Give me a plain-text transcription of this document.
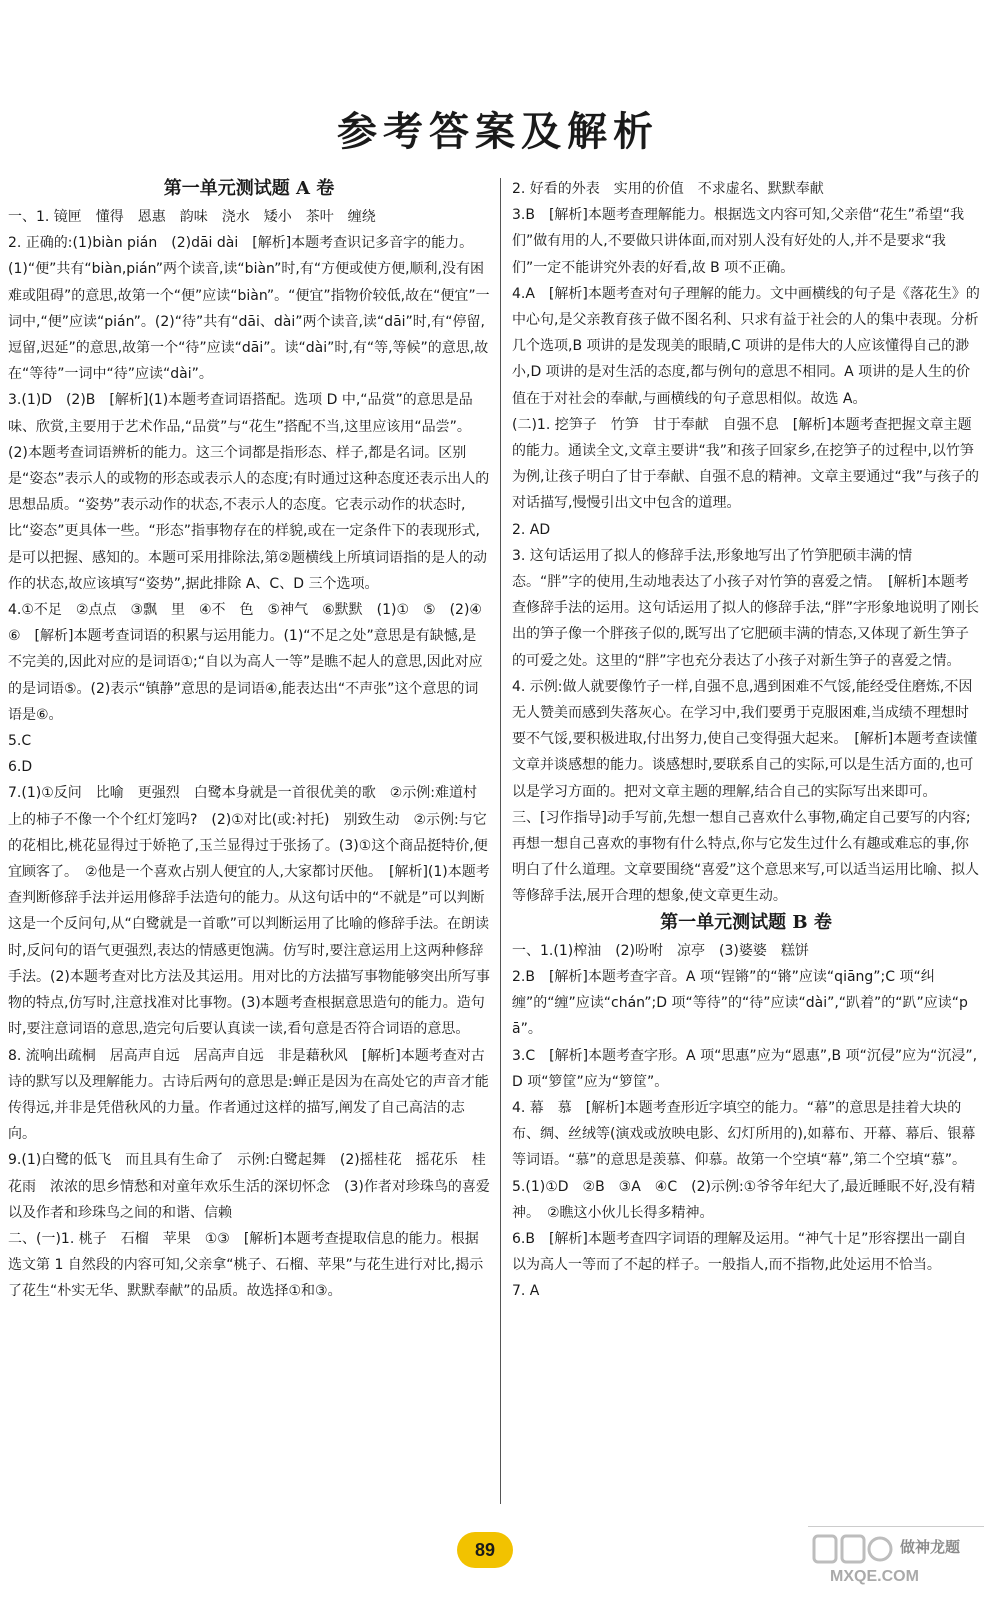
参考答案及解析
第一单元测试题 A 卷

一、1. 镜匣　懂得　恩惠　韵味　浇水　矮小　茶叶　缠绕

2. 正确的:(1)biàn pián　(2)dāi dài　[解析]本题考查识记多音字的能力。(1)“便”共有“biàn,pián”两个读音,读“biàn”时,有“方便或使方便,顺利,没有困难或阻碍”的意思,故第一个“便”应读“biàn”。“便宜”指物价较低,故在“便宜”一词中,“便”应读“pián”。(2)“待”共有“dāi、dài”两个读音,读“dāi”时,有“停留,逗留,迟延”的意思,故第一个“待”应读“dāi”。读“dài”时,有“等,等候”的意思,故在“等待”一词中“待”应读“dài”。

3.(1)D　(2)B　[解析](1)本题考查词语搭配。选项 D 中,“品赏”的意思是品味、欣赏,主要用于艺术作品,“品赏”与“花生”搭配不当,这里应该用“品尝”。(2)本题考查词语辨析的能力。这三个词都是指形态、样子,都是名词。区别是“姿态”表示人的或物的形态或表示人的态度;有时通过这种态度还表示出人的思想品质。“姿势”表示动作的状态,不表示人的态度。它表示动作的状态时,比“姿态”更具体一些。“形态”指事物存在的样貌,或在一定条件下的表现形式,是可以把握、感知的。本题可采用排除法,第②题横线上所填词语指的是人的动作的状态,故应该填写“姿势”,据此排除 A、C、D 三个选项。

4.①不足　②点点　③飘　里　④不　色　⑤神气　⑥默默　(1)①　⑤　(2)④　⑥　[解析]本题考查词语的积累与运用能力。(1)“不足之处”意思是有缺憾,是不完美的,因此对应的是词语①;“自以为高人一等”是瞧不起人的意思,因此对应的是词语⑤。(2)表示“镇静”意思的是词语④,能表达出“不声张”这个意思的词语是⑥。

5.C

6.D

7.(1)①反问　比喻　更强烈　白鹭本身就是一首很优美的歌　②示例:难道村上的柿子不像一个个红灯笼吗?　(2)①对比(或:衬托)　别致生动　②示例:与它的花相比,桃花显得过于娇艳了,玉兰显得过于张扬了。(3)①这个商品挺特价,便宜顾客了。　②他是一个喜欢占别人便宜的人,大家都讨厌他。　[解析](1)本题考查判断修辞手法并运用修辞手法造句的能力。从这句话中的“不就是”可以判断这是一个反问句,从“白鹭就是一首歌”可以判断运用了比喻的修辞手法。在朗读时,反问句的语气更强烈,表达的情感更饱满。仿写时,要注意运用上这两种修辞手法。(2)本题考查对比方法及其运用。用对比的方法描写事物能够突出所写事物的特点,仿写时,注意找准对比事物。(3)本题考查根据意思造句的能力。造句时,要注意词语的意思,造完句后要认真读一读,看句意是否符合词语的意思。

8. 流响出疏桐　居高声自远　居高声自远　非是藉秋风　[解析]本题考查对古诗的默写以及理解能力。古诗后两句的意思是:蝉正是因为在高处它的声音才能传得远,并非是凭借秋风的力量。作者通过这样的描写,阐发了自己高洁的志向。

9.(1)白鹭的低飞　而且具有生命了　示例:白鹭起舞　(2)摇桂花　摇花乐　桂花雨　浓浓的思乡情愁和对童年欢乐生活的深切怀念　(3)作者对珍珠鸟的喜爱以及作者和珍珠鸟之间的和谐、信赖

二、(一)1. 桃子　石榴　苹果　①③　[解析]本题考查提取信息的能力。根据选文第 1 自然段的内容可知,父亲拿“桃子、石榴、苹果”与花生进行对比,揭示了花生“朴实无华、默默奉献”的品质。故选择①和③。

2. 好看的外表　实用的价值　不求虚名、默默奉献

3.B　[解析]本题考查理解能力。根据选文内容可知,父亲借“花生”希望“我们”做有用的人,不要做只讲体面,而对别人没有好处的人,并不是要求“我们”一定不能讲究外表的好看,故 B 项不正确。

4.A　[解析]本题考查对句子理解的能力。文中画横线的句子是《落花生》的中心句,是父亲教育孩子做不图名利、只求有益于社会的人的集中表现。分析几个选项,B 项讲的是发现美的眼睛,C 项讲的是伟大的人应该懂得自己的渺小,D 项讲的是对生活的态度,都与例句的意思不相同。A 项讲的是人生的价值在于对社会的奉献,与画横线的句子意思相似。故选 A。

(二)1. 挖笋子　竹笋　甘于奉献　自强不息　[解析]本题考查把握文章主题的能力。通读全文,文章主要讲“我”和孩子回家乡,在挖笋子的过程中,以竹笋为例,让孩子明白了甘于奉献、自强不息的精神。文章主要通过“我”与孩子的对话描写,慢慢引出文中包含的道理。

2. AD

3. 这句话运用了拟人的修辞手法,形象地写出了竹笋肥硕丰满的情态。“胖”字的使用,生动地表达了小孩子对竹笋的喜爱之情。　[解析]本题考查修辞手法的运用。这句话运用了拟人的修辞手法,“胖”字形象地说明了刚长出的笋子像一个胖孩子似的,既写出了它肥硕丰满的情态,又体现了新生笋子的可爱之处。这里的“胖”字也充分表达了小孩子对新生笋子的喜爱之情。

4. 示例:做人就要像竹子一样,自强不息,遇到困难不气馁,能经受住磨炼,不因无人赞美而感到失落灰心。在学习中,我们要勇于克服困难,当成绩不理想时要不气馁,要积极进取,付出努力,使自己变得强大起来。　[解析]本题考查读懂文章并谈感想的能力。谈感想时,要联系自己的实际,可以是生活方面的,也可以是学习方面的。把对文章主题的理解,结合自己的实际写出来即可。

三、[习作指导]动手写前,先想一想自己喜欢什么事物,确定自己要写的内容;再想一想自己喜欢的事物有什么特点,你与它发生过什么有趣或难忘的事,你明白了什么道理。文章要围绕“喜爱”这个意思来写,可以适当运用比喻、拟人等修辞手法,展开合理的想象,使文章更生动。

第一单元测试题 B 卷

一、1.(1)榨油　(2)吩咐　凉亭　(3)婆婆　糕饼

2.B　[解析]本题考查字音。A 项“锃锵”的“锵”应读“qiāng”;C 项“纠缠”的“缠”应读“chán”;D 项“等待”的“待”应读“dài”,“趴着”的“趴”应读“pā”。

3.C　[解析]本题考查字形。A 项“思惠”应为“恩惠”,B 项“沉侵”应为“沉浸”,D 项“箩筐”应为“箩筐”。

4. 幕　慕　[解析]本题考查形近字填空的能力。“幕”的意思是挂着大块的布、绸、丝绒等(演戏或放映电影、幻灯所用的),如幕布、开幕、幕后、银幕等词语。“慕”的意思是羡慕、仰慕。故第一个空填“幕”,第二个空填“慕”。

5.(1)①D　②B　③A　④C　(2)示例:①爷爷年纪大了,最近睡眠不好,没有精神。　②瞧这小伙儿长得多精神。

6.B　[解析]本题考查四字词语的理解及运用。“神气十足”形容摆出一副自以为高人一等而了不起的样子。一般指人,而不指物,此处运用不恰当。

7. A

89	做神龙题
MXQE.COM
